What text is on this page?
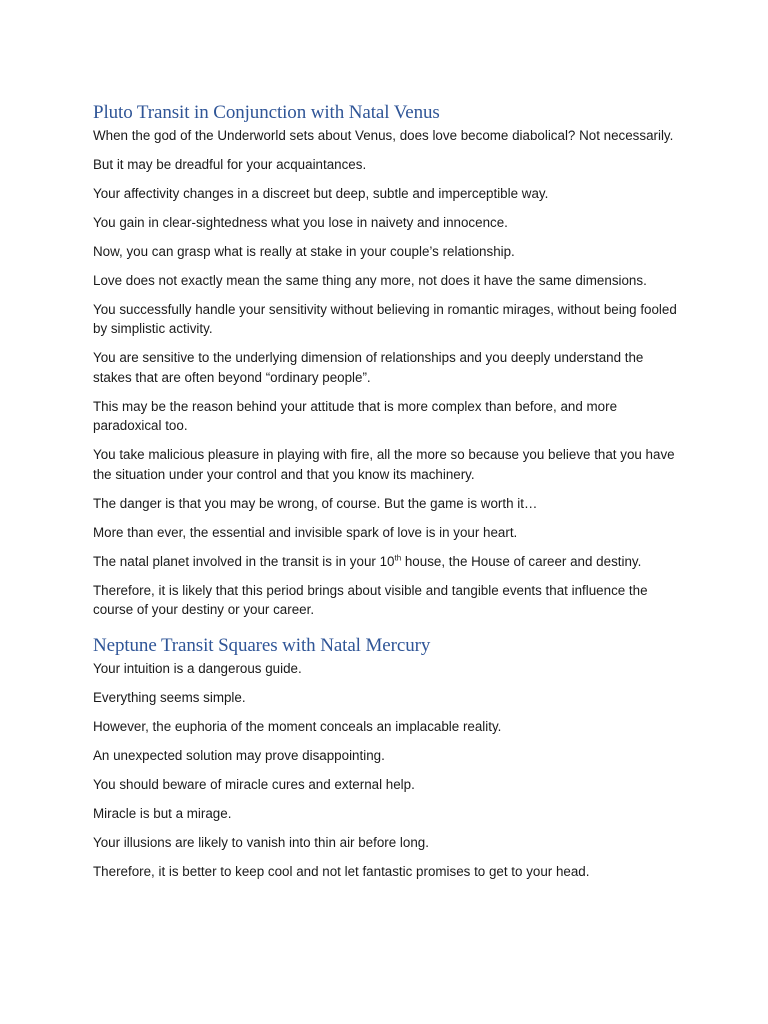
Pluto Transit in Conjunction with Natal Venus

When the god of the Underworld sets about Venus, does love become diabolical? Not necessarily.

But it may be dreadful for your acquaintances.

Your affectivity changes in a discreet but deep, subtle and imperceptible way.

You gain in clear-sightedness what you lose in naivety and innocence.

Now, you can grasp what is really at stake in your couple’s relationship.

Love does not exactly mean the same thing any more, not does it have the same dimensions.

You successfully handle your sensitivity without believing in romantic mirages, without being fooled by simplistic activity.

You are sensitive to the underlying dimension of relationships and you deeply understand the stakes that are often beyond “ordinary people”.

This may be the reason behind your attitude that is more complex than before, and more paradoxical too.

You take malicious pleasure in playing with fire, all the more so because you believe that you have the situation under your control and that you know its machinery.

The danger is that you may be wrong, of course. But the game is worth it…

More than ever, the essential and invisible spark of love is in your heart.

The natal planet involved in the transit is in your 10th house, the House of career and destiny.

Therefore, it is likely that this period brings about visible and tangible events that influence the course of your destiny or your career.

Neptune Transit Squares with Natal Mercury

Your intuition is a dangerous guide.

Everything seems simple.

However, the euphoria of the moment conceals an implacable reality.

An unexpected solution may prove disappointing.

You should beware of miracle cures and external help.

Miracle is but a mirage.

Your illusions are likely to vanish into thin air before long.

Therefore, it is better to keep cool and not let fantastic promises to get to your head.
